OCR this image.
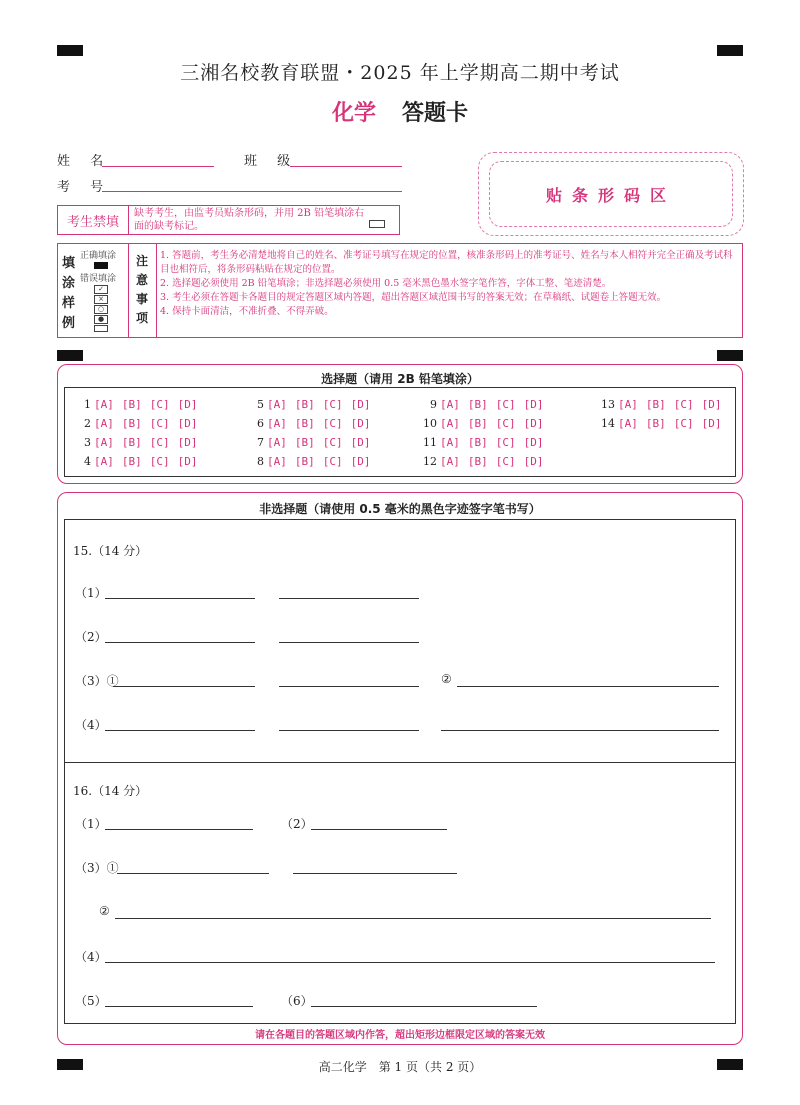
三湘名校教育联盟・2025 年上学期高二期中考试
化学 答题卡
姓 名	班 级
考 号	贴条形码区
考生禁填
缺考考生，由监考员贴条形码，并用 2B 铅笔填涂右面的缺考标记。
填涂样例
正确填涂
错误填涂
✓
×
○
●
注意事项
1. 答题前，考生务必清楚地将自己的姓名、准考证号填写在规定的位置，核准条形码上的准考证号、姓名与本人相符并完全正确及考试科目也相符后，将条形码粘贴在规定的位置。
2. 选择题必须使用 2B 铅笔填涂；非选择题必须使用 0.5 毫米黑色墨水签字笔作答，字体工整、笔迹清楚。
3. 考生必须在答题卡各题目的规定答题区域内答题，超出答题区域范围书写的答案无效；在草稿纸、试题卷上答题无效。
4. 保持卡面清洁，不准折叠、不得弄破。
选择题（请用 2B 铅笔填涂）
1 [A] [B] [C] [D]
2 [A] [B] [C] [D]
3 [A] [B] [C] [D]
4 [A] [B] [C] [D]
5 [A] [B] [C] [D]
6 [A] [B] [C] [D]
7 [A] [B] [C] [D]
8 [A] [B] [C] [D]
9 [A] [B] [C] [D]
10 [A] [B] [C] [D]
11 [A] [B] [C] [D]
12 [A] [B] [C] [D]
13 [A] [B] [C] [D]
14 [A] [B] [C] [D]
非选择题（请使用 0.5 毫米的黑色字迹签字笔书写）
15.（14 分）
（1）
（2）
（3）①	②
（4）
16.（14 分）
（1）	（2）
（3）①
②
（4）
（5）	（6）
请在各题目的答题区域内作答，超出矩形边框限定区域的答案无效
高二化学　第 1 页（共 2 页）
